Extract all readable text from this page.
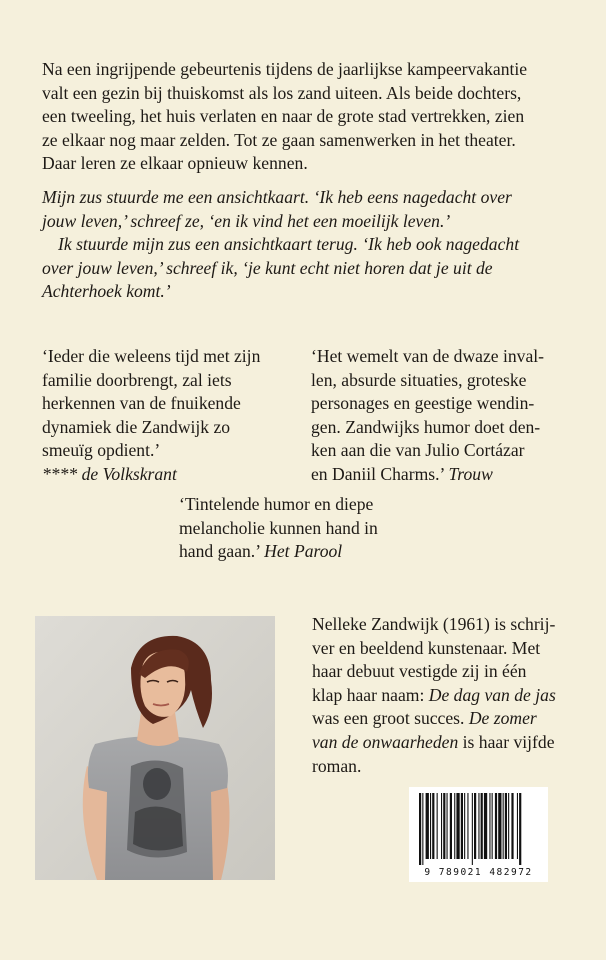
Na een ingrijpende gebeurtenis tijdens de jaarlijkse kampeervakantie
valt een gezin bij thuiskomst als los zand uiteen. Als beide dochters,
een tweeling, het huis verlaten en naar de grote stad vertrekken, zien
ze elkaar nog maar zelden. Tot ze gaan samenwerken in het theater.
Daar leren ze elkaar opnieuw kennen.

Mijn zus stuurde me een ansichtkaart. ‘Ik heb eens nagedacht over
jouw leven,’ schreef ze, ‘en ik vind het een moeilijk leven.’

Ik stuurde mijn zus een ansichtkaart terug. ‘Ik heb ook nagedacht
over jouw leven,’ schreef ik, ‘je kunt echt niet horen dat je uit de
Achterhoek komt.’

‘Ieder die weleens tijd met zijn
familie doorbrengt, zal iets
herkennen van de fnuikende
dynamiek die Zandwijk zo
smeuïg opdient.’
**** de Volkskrant

‘Het wemelt van de dwaze inval-
len, absurde situaties, groteske
personages en geestige wendin-
gen. Zandwijks humor doet den-
ken aan die van Julio Cortázar
en Daniil Charms.’ Trouw

‘Tintelende humor en diepe
melancholie kunnen hand in
hand gaan.’ Het Parool

Nelleke Zandwijk (1961) is schrij-
ver en beeldend kunstenaar. Met
haar debuut vestigde zij in één
klap haar naam: De dag van de jas
was een groot succes. De zomer
van de onwaarheden is haar vijfde
roman.

9 789021 482972
